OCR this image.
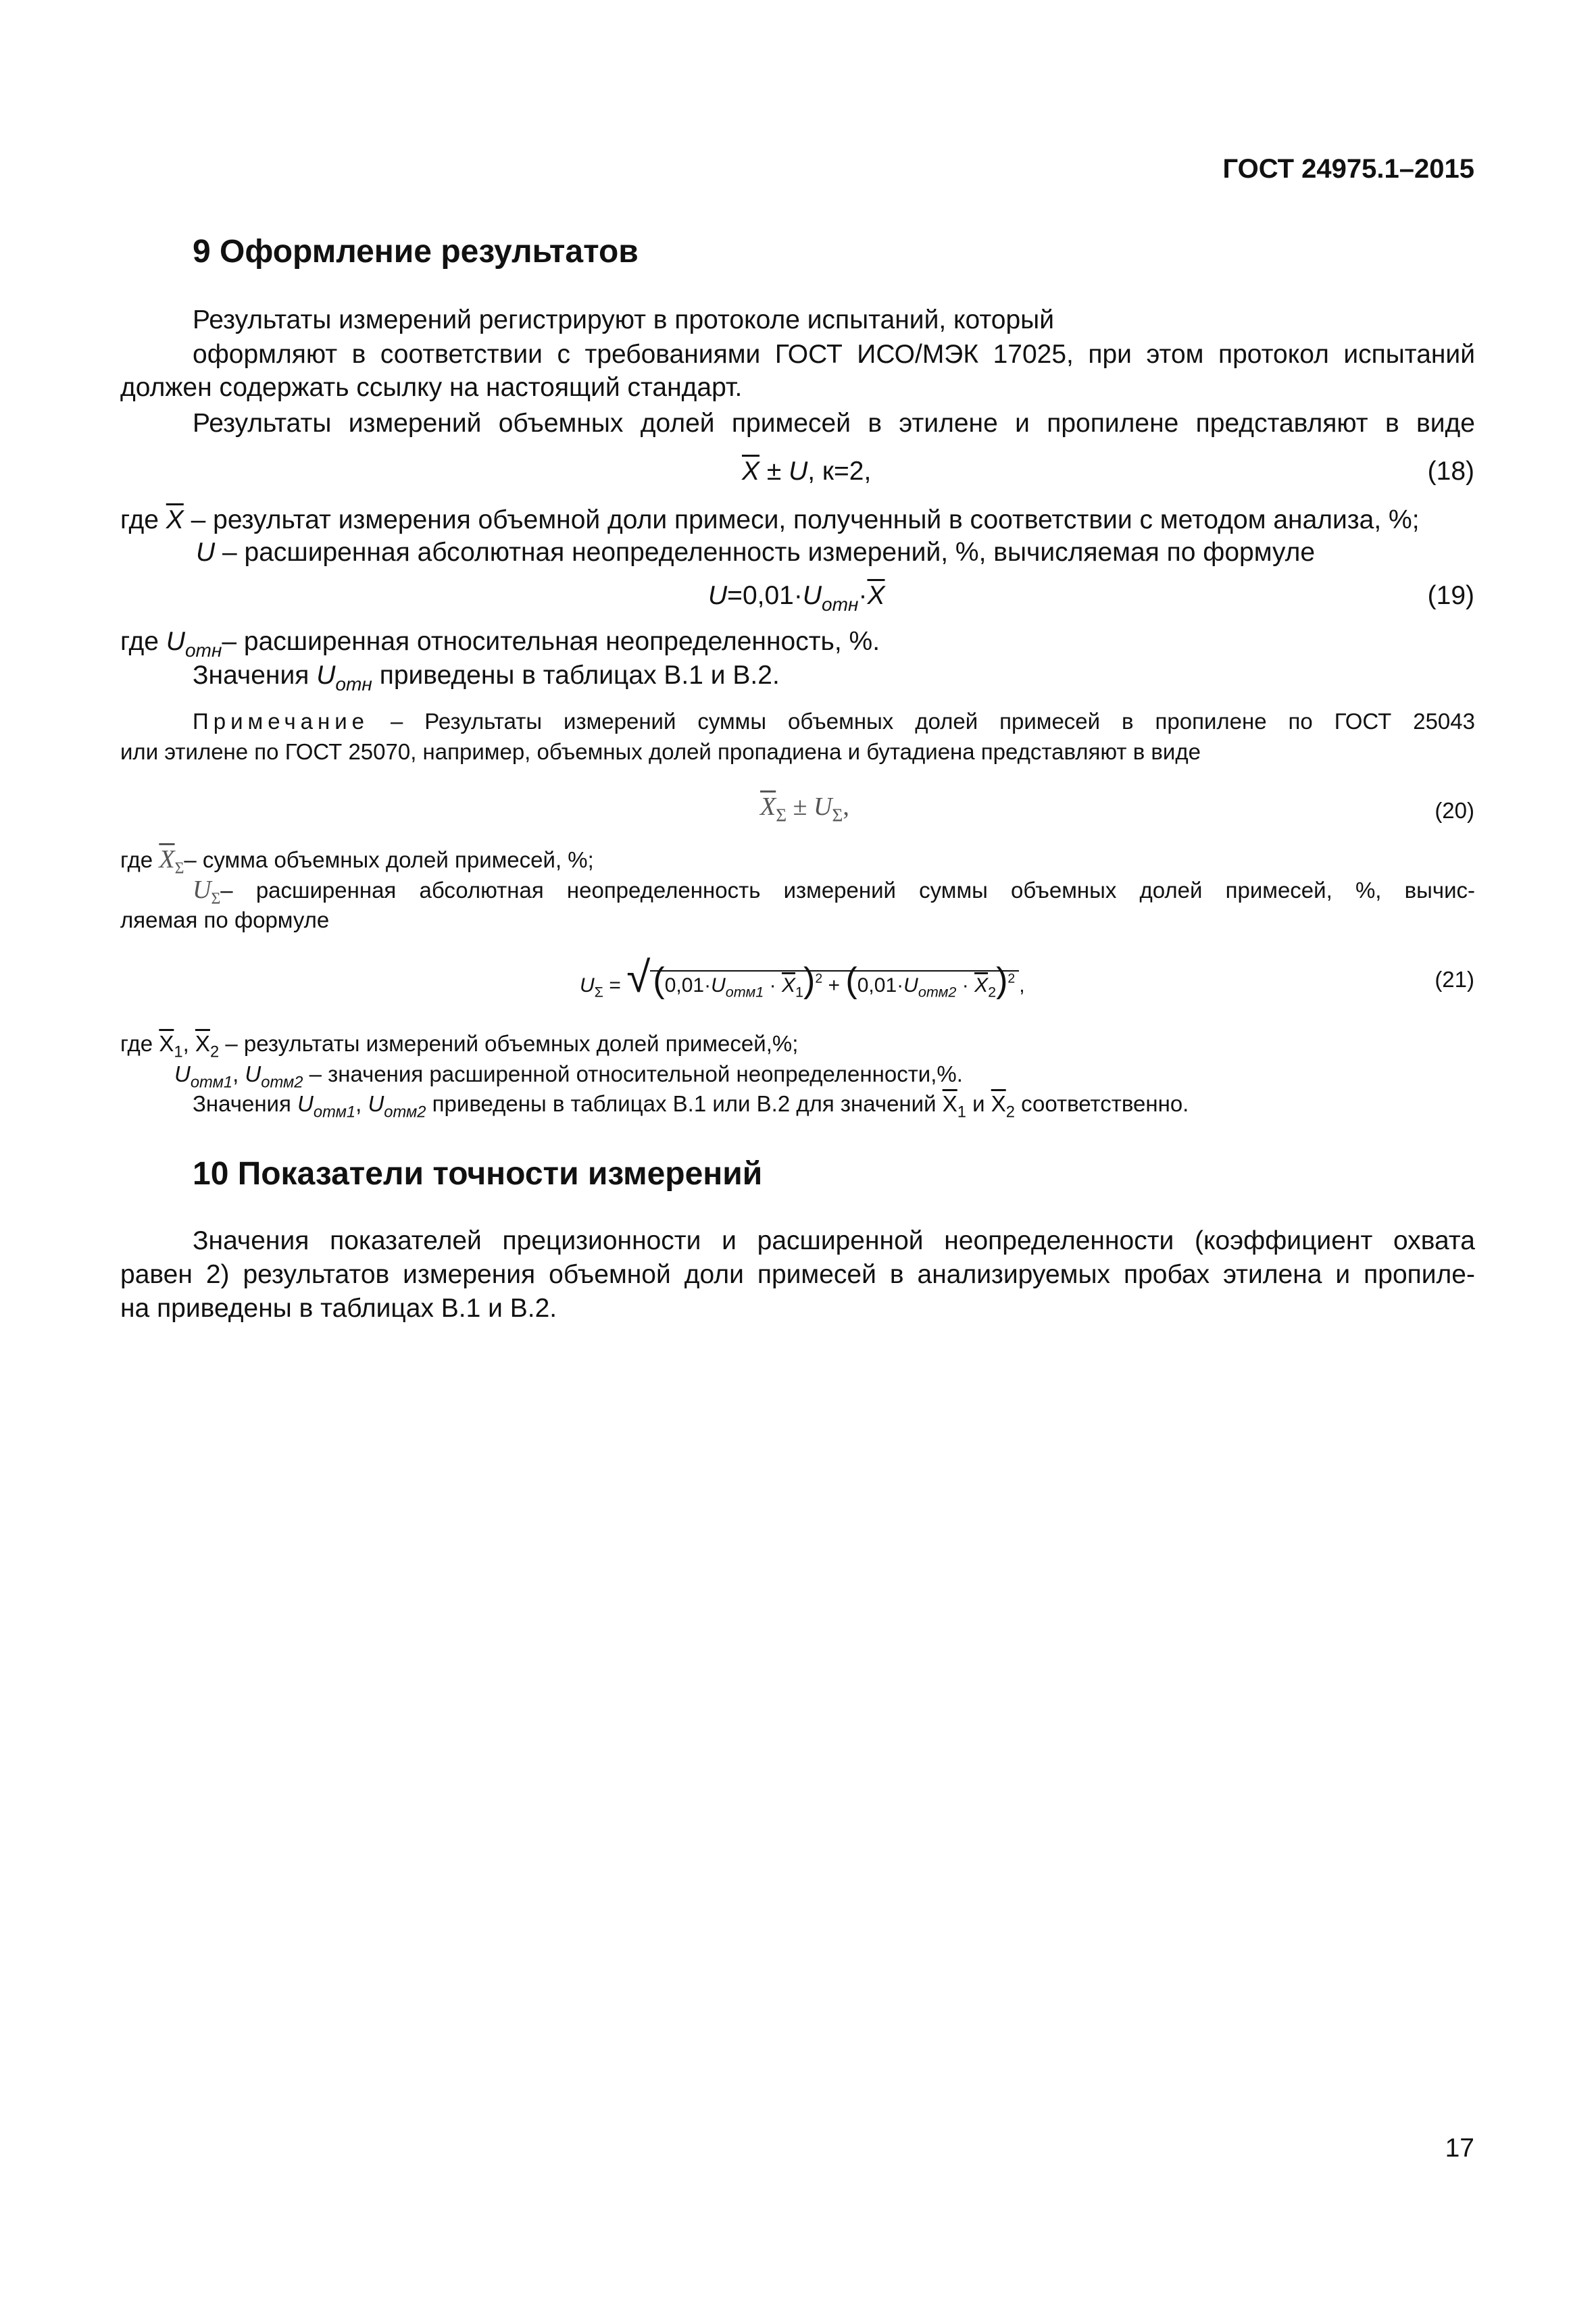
ГОСТ 24975.1–2015
9 Оформление результатов
Результаты измерений регистрируют в протоколе испытаний, который
оформляют в соответствии с требованиями ГОСТ ИСО/МЭК 17025, при этом протокол испытаний
должен содержать ссылку на настоящий стандарт.
Результаты измерений объемных долей примесей в этилене и пропилене представляют в виде
$\overline{X} \pm U$, к=2,	(18)
где $\overline{X}$ – результат измерения объемной доли примеси, полученный в соответствии с методом анализа, %;
U – расширенная абсолютная неопределенность измерений, %, вычисляемая по формуле
$U=0,01\cdot U_{отн}\cdot\overline{X}$	(19)
где $U_{отн}-$ расширенная относительная неопределенность, %.
Значения $U_{отн}$ приведены в таблицах В.1 и В.2.
Примечание – Результаты измерений суммы объемных долей примесей в пропилене по ГОСТ 25043
или этилене по ГОСТ 25070, например, объемных долей пропадиена и бутадиена представляют в виде
$\overline{X}_\Sigma \pm U_\Sigma$,	(20)
где $\overline{X}_\Sigma-$ сумма объемных долей примесей, %;
$U_\Sigma-$ расширенная абсолютная неопределенность измерений суммы объемных долей примесей, %, вычис-
ляемая по формуле
$U_\Sigma = √(0,01\cdot U_{отм1} \cdot \overline{X}_1)^2 + (0,01\cdot U_{отм2} \cdot \overline{X}_2)^2$ ,	(21)
где $\overline{X}_1$, $\overline{X}_2$ – результаты измерений объемных долей примесей,%;
$U_{отм1}$, $U_{отм2}$ – значения расширенной относительной неопределенности,%.
Значения $U_{отм1}$, $U_{отм2}$ приведены в таблицах В.1 или В.2 для значений $\overline{X}_1$ и $\overline{X}_2$ соответственно.
10 Показатели точности измерений
Значения показателей прецизионности и расширенной неопределенности (коэффициент охвата
равен 2) результатов измерения объемной доли примесей в анализируемых пробах этилена и пропиле-
на приведены в таблицах В.1 и В.2.
17
